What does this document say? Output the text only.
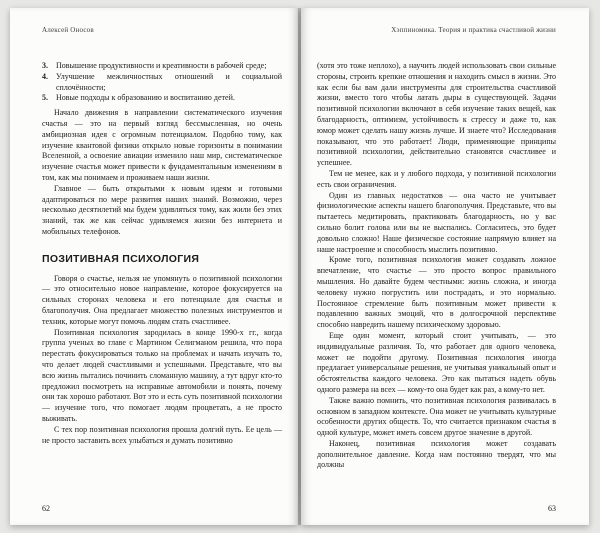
Алексей Оносов
3.	Повышение продуктивности и креативности в рабочей среде;
4.	Улучшение межличностных отношений и социальной сплочённости;
5.	Новые подходы к образованию и воспитанию детей.

Начало движения в направлении систематического изучения счастья — это на первый взгляд бессмысленная, но очень амбициозная идея с огромным потенциалом. Подобно тому, как изучение квантовой физики открыло новые горизонты в понимании Вселенной, а освоение авиации изменило наш мир, систематическое изучение счастья может привести к фундаментальным изменениям в том, как мы понимаем и проживаем наши жизни.

Главное — быть открытыми к новым идеям и готовыми адаптироваться по мере развития наших знаний. Возможно, через несколько десятилетий мы будем удивляться тому, как жили без этих знаний, так же как сейчас удивляемся жизни без интернета и мобильных телефонов.

ПОЗИТИВНАЯ ПСИХОЛОГИЯ

Говоря о счастье, нельзя не упомянуть о позитивной психологии — это относительно новое направление, которое фокусируется на сильных сторонах человека и его потенциале для счастья и благополучия. Она предлагает множество полезных инструментов и техник, которые могут помочь людям стать счастливее.

Позитивная психология зародилась в конце 1990-х гг., когда группа ученых во главе с Мартином Селигманом решила, что пора перестать фокусироваться только на проблемах и начать изучать то, что делает людей счастливыми и успешными. Представьте, что вы всю жизнь пытались починить сломанную машину, а тут вдруг кто-то предложил посмотреть на исправные автомобили и понять, почему они так хорошо работают. Вот это и есть суть позитивной психологии — изучение того, что помогает людям процветать, а не просто выживать.

С тех пор позитивная психология прошла долгий путь. Ее цель — не просто заставить всех улыбаться и думать позитивно

62
Хэппиномика. Теория и практика счастливой жизни

(хотя это тоже неплохо), а научить людей использовать свои сильные стороны, строить крепкие отношения и находить смысл в жизни. Это как если бы вам дали инструменты для строительства счастливой жизни, вместо того чтобы латать дыры в существующей. Задачи позитивной психологии включают в себя изучение таких вещей, как благодарность, оптимизм, устойчивость к стрессу и даже то, как юмор может сделать нашу жизнь лучше. И знаете что? Исследования показывают, что это работает! Люди, применяющие принципы позитивной психологии, действительно становятся счастливее и успешнее.

Тем не менее, как и у любого подхода, у позитивной психологии есть свои ограничения.

Один из главных недостатков — она часто не учитывает физиологические аспекты нашего благополучия. Представьте, что вы пытаетесь медитировать, практиковать благодарность, но у вас сильно болит голова или вы не выспались. Согласитесь, это будет довольно сложно! Наше физическое состояние напрямую влияет на наше настроение и способность мыслить позитивно.

Кроме того, позитивная психология может создавать ложное впечатление, что счастье — это просто вопрос правильного мышления. Но давайте будем честными: жизнь сложна, и иногда человеку нужно погрустить или пострадать, и это нормально. Постоянное стремление быть позитивным может привести к подавлению важных эмоций, что в долгосрочной перспективе способно навредить нашему психическому здоровью.

Еще один момент, который стоит учитывать, — это индивидуальные различия. То, что работает для одного человека, может не подойти другому. Позитивная психология иногда предлагает универсальные решения, не учитывая уникальный опыт и обстоятельства каждого человека. Это как пытаться надеть обувь одного размера на всех — кому-то она будет как раз, а кому-то нет.

Также важно помнить, что позитивная психология развивалась в основном в западном контексте. Она может не учитывать культурные особенности других обществ. То, что считается признаком счастья в одной культуре, может иметь совсем другое значение в другой.

Наконец, позитивная психология может создавать дополнительное давление. Когда нам постоянно твердят, что мы должны

63
